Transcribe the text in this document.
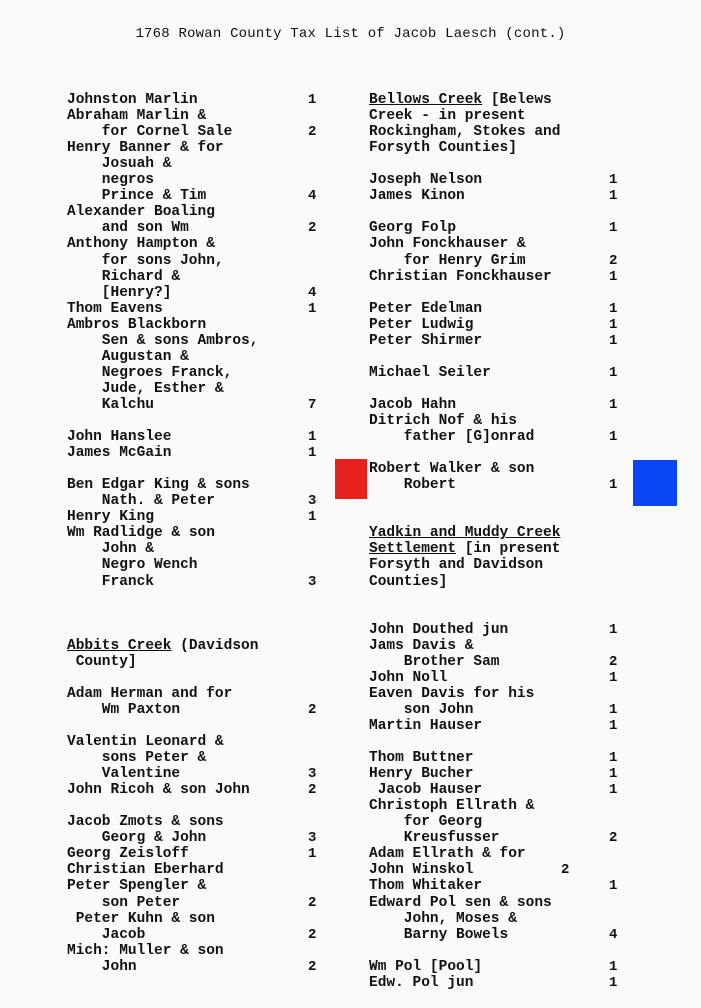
1768 Rowan County Tax List of Jacob Laesch (cont.)
Johnston Marlin	1
Abraham Marlin &
for Cornel Sale	2
Henry Banner & for
Josuah &
negros
Prince & Tim	4
Alexander Boaling
and son Wm	2
Anthony Hampton &
for sons John,
Richard &
[Henry?]	4
Thom Eavens	1
Ambros Blackborn
Sen & sons Ambros,
Augustan &
Negroes Franck,
Jude, Esther &
Kalchu	7
John Hanslee	1
James McGain	1
Ben Edgar King & sons
Nath. & Peter	3
Henry King	1
Wm Radlidge & son
John &
Negro Wench
Franck	3
Abbits Creek (Davidson
County]
Adam Herman and for
Wm Paxton	2
Valentin Leonard &
sons Peter &
Valentine	3
John Ricoh & son John	2
Jacob Zmots & sons
Georg & John	3
Georg Zeisloff	1
Christian Eberhard
Peter Spengler &
son Peter	2
Peter Kuhn & son
Jacob	2
Mich: Muller & son
John	2
Bellows Creek [Belews
Creek - in present
Rockingham, Stokes and
Forsyth Counties]
Joseph Nelson	1
James Kinon	1
Georg Folp	1
John Fonckhauser &
for Henry Grim	2
Christian Fonckhauser	1
Peter Edelman	1
Peter Ludwig	1
Peter Shirmer	1
Michael Seiler	1
Jacob Hahn	1
Ditrich Nof & his
father [G]onrad	1
Robert Walker & son
Robert	1
Yadkin and Muddy Creek
Settlement [in present
Forsyth and Davidson
Counties]
John Douthed jun	1
Jams Davis &
Brother Sam	2
John Noll	1
Eaven Davis for his
son John	1
Martin Hauser	1
Thom Buttner	1
Henry Bucher	1
Jacob Hauser	1
Christoph Ellrath &
for Georg
Kreusfusser	2
Adam Ellrath & for
John Winskol	2
Thom Whitaker	1
Edward Pol sen & sons
John, Moses &
Barny Bowels	4
Wm Pol [Pool]	1
Edw. Pol jun	1
